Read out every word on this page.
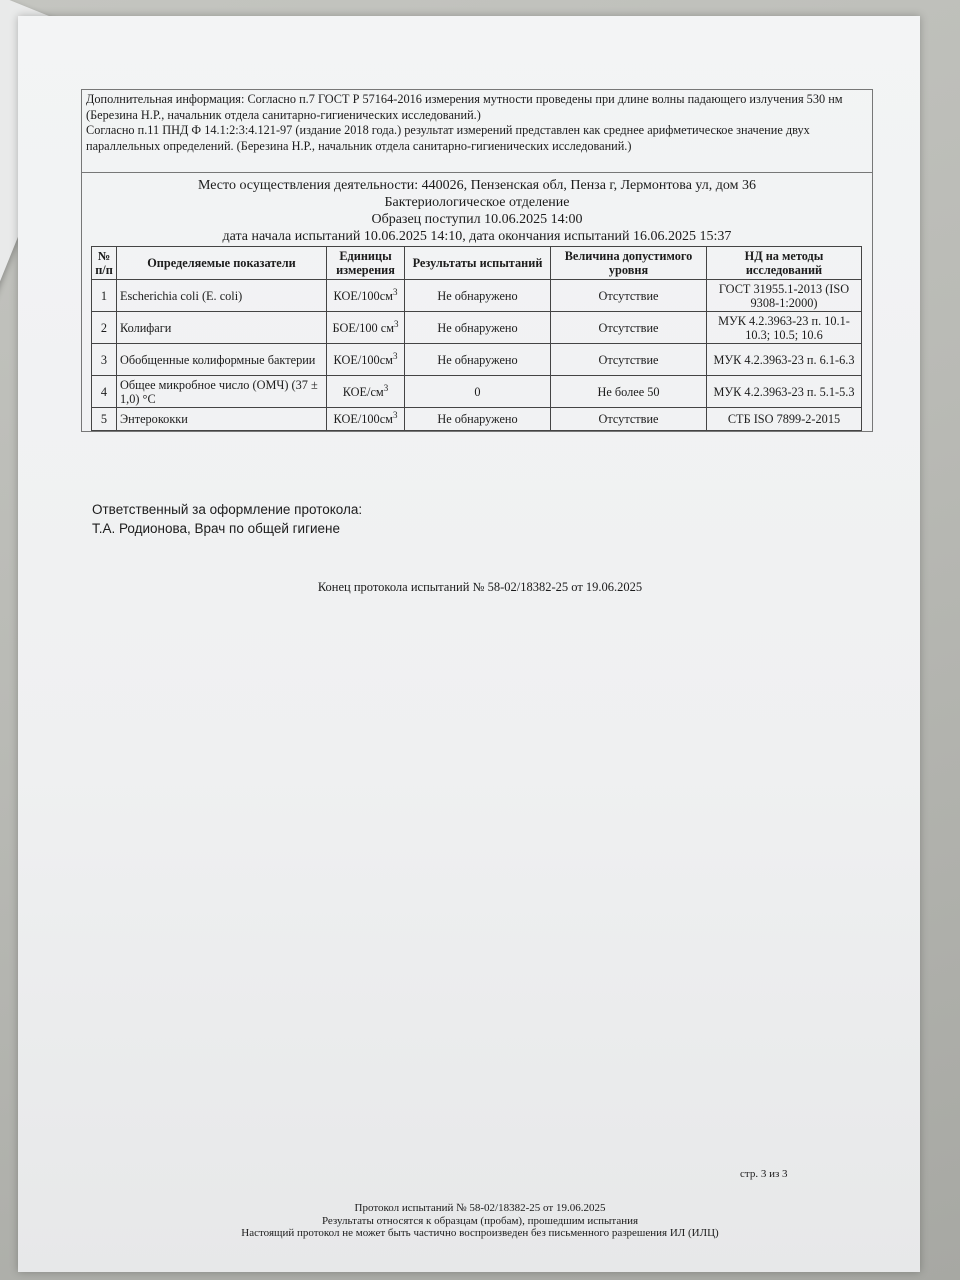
Дополнительная информация: Согласно п.7 ГОСТ Р 57164-2016 измерения мутности проведены при длине волны падающего излучения 530 нм (Березина Н.Р., начальник отдела санитарно-гигиенических исследований.)
Согласно п.11 ПНД Ф 14.1:2:3:4.121-97 (издание 2018 года.) результат измерений представлен как среднее арифметическое значение двух параллельных определений. (Березина Н.Р., начальник отдела санитарно-гигиенических исследований.)
Место осуществления деятельности: 440026, Пензенская обл, Пенза г, Лермонтова ул, дом 36
Бактериологическое отделение
Образец поступил 10.06.2025 14:00
дата начала испытаний 10.06.2025 14:10, дата окончания испытаний 16.06.2025 15:37
№ п/п	Определяемые показатели	Единицы измерения	Результаты испытаний	Величина допустимого уровня	НД на методы исследований
1	Escherichia coli (E. coli)	КОЕ/$100см^3$	Не обнаружено	Отсутствие	ГОСТ 31955.1-2013 (ISO 9308-1:2000)
2	Колифаги	БОЕ/100 $см^3$	Не обнаружено	Отсутствие	МУК 4.2.3963-23 п. 10.1-10.3; 10.5; 10.6
3	Обобщенные колиформные бактерии	КОЕ/$100см^3$	Не обнаружено	Отсутствие	МУК 4.2.3963-23 п. 6.1-6.3
4	Общее микробное число (ОМЧ) (37 ± 1,0) °С	КОЕ/$см^3$	0	Не более 50	МУК 4.2.3963-23 п. 5.1-5.3
5	Энтерококки	КОЕ/$100см^3$	Не обнаружено	Отсутствие	СТБ ISO 7899-2-2015
Ответственный за оформление протокола:
Т.А. Родионова, Врач по общей гигиене
Конец протокола испытаний № 58-02/18382-25 от 19.06.2025
стр. 3 из 3
Протокол испытаний № 58-02/18382-25 от 19.06.2025
Результаты относятся к образцам (пробам), прошедшим испытания
Настоящий протокол не может быть частично воспроизведен без письменного разрешения ИЛ (ИЛЦ)
